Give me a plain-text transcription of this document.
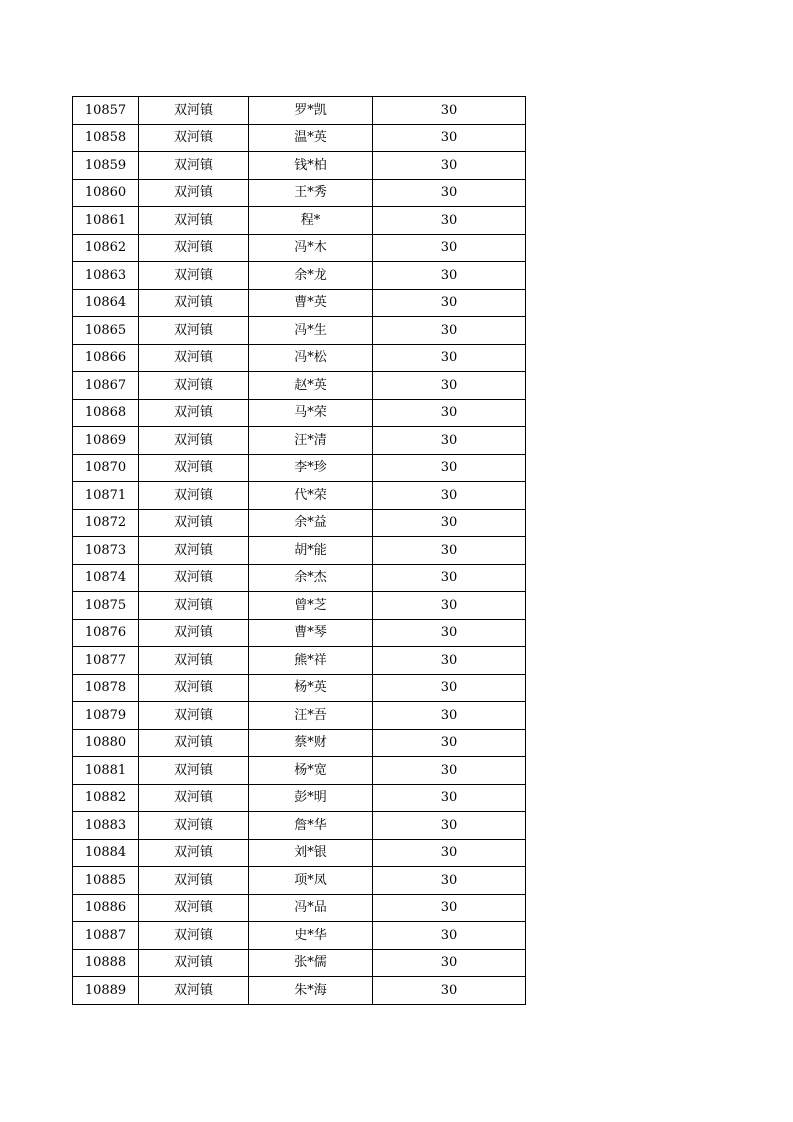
10857	双河镇	罗*凯	30
10858	双河镇	温*英	30
10859	双河镇	钱*柏	30
10860	双河镇	王*秀	30
10861	双河镇	程*	30
10862	双河镇	冯*木	30
10863	双河镇	余*龙	30
10864	双河镇	曹*英	30
10865	双河镇	冯*生	30
10866	双河镇	冯*松	30
10867	双河镇	赵*英	30
10868	双河镇	马*荣	30
10869	双河镇	汪*清	30
10870	双河镇	李*珍	30
10871	双河镇	代*荣	30
10872	双河镇	余*益	30
10873	双河镇	胡*能	30
10874	双河镇	余*杰	30
10875	双河镇	曾*芝	30
10876	双河镇	曹*琴	30
10877	双河镇	熊*祥	30
10878	双河镇	杨*英	30
10879	双河镇	汪*吾	30
10880	双河镇	蔡*财	30
10881	双河镇	杨*宽	30
10882	双河镇	彭*明	30
10883	双河镇	詹*华	30
10884	双河镇	刘*银	30
10885	双河镇	项*凤	30
10886	双河镇	冯*品	30
10887	双河镇	史*华	30
10888	双河镇	张*儒	30
10889	双河镇	朱*海	30
